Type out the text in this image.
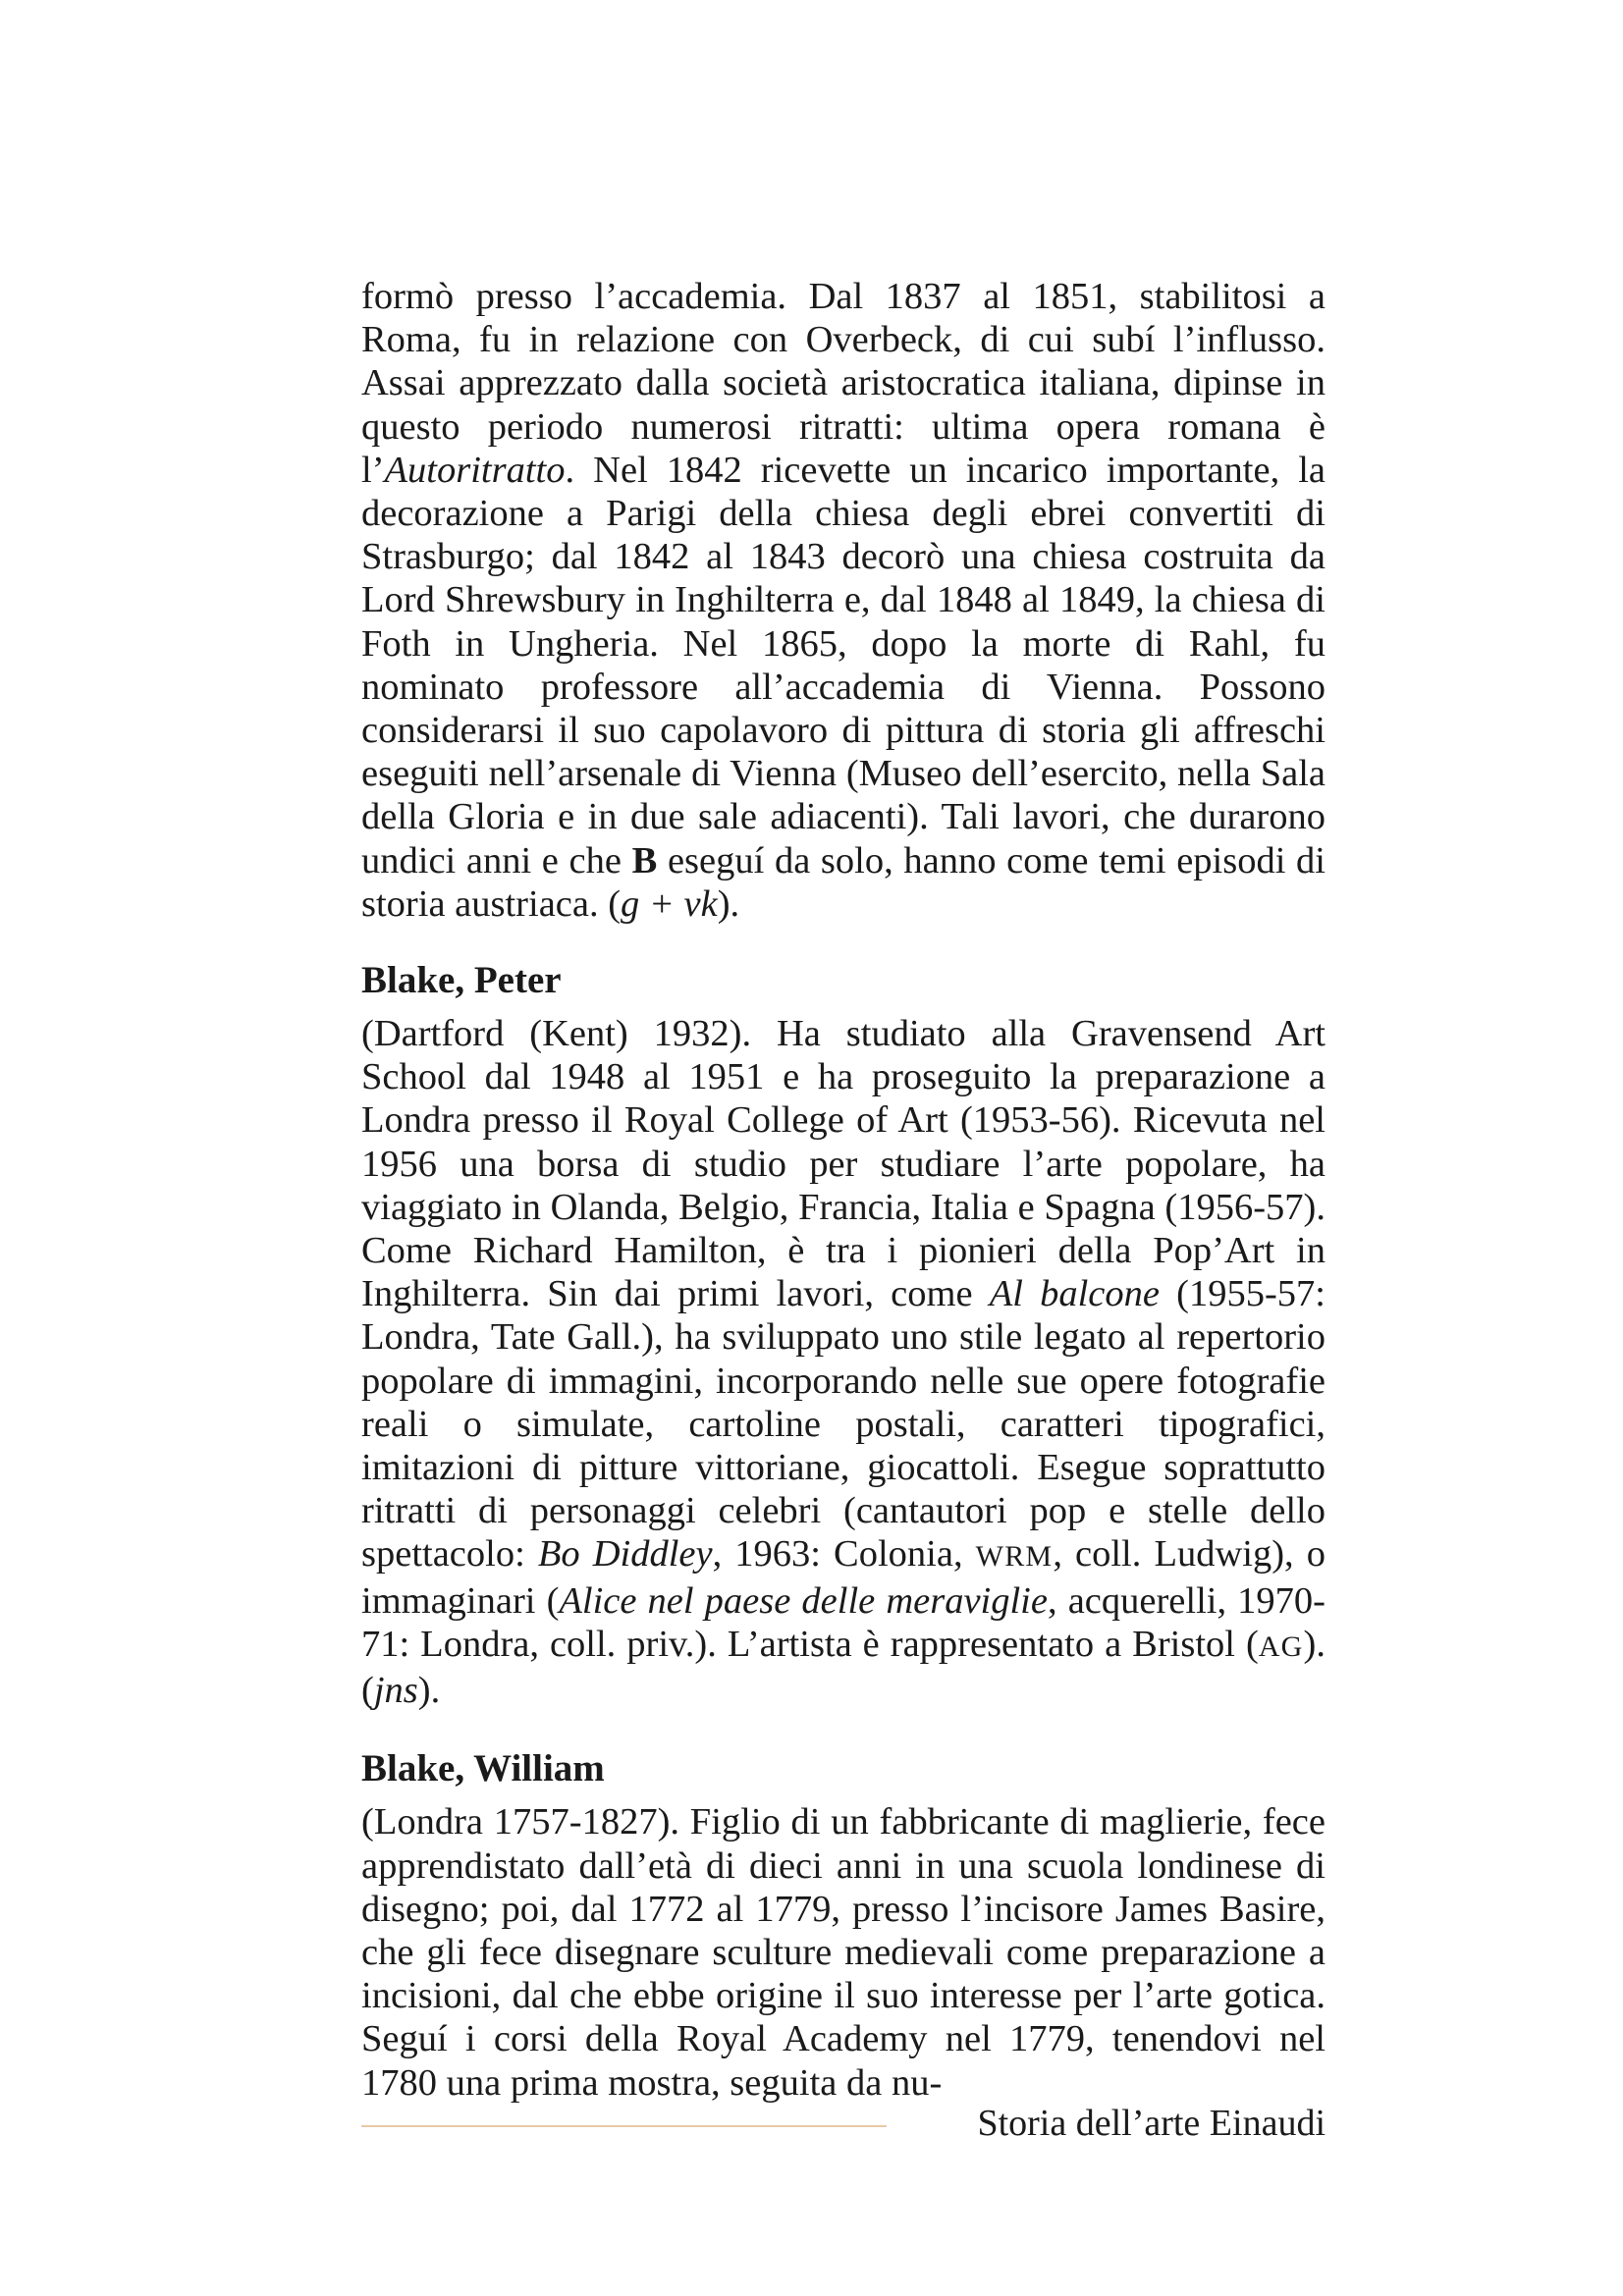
formò presso l’accademia. Dal 1837 al 1851, stabilitosi a Roma, fu in relazione con Overbeck, di cui subí l’influsso. Assai apprezzato dalla società aristocratica italiana, dipinse in questo periodo numerosi ritratti: ultima opera romana è l’Autoritratto. Nel 1842 ricevette un incarico importante, la decorazione a Parigi della chiesa degli ebrei convertiti di Strasburgo; dal 1842 al 1843 decorò una chiesa costruita da Lord Shrewsbury in Inghilterra e, dal 1848 al 1849, la chiesa di Foth in Ungheria. Nel 1865, dopo la morte di Rahl, fu nominato professore all’accademia di Vienna. Possono considerarsi il suo capolavoro di pittura di storia gli affreschi eseguiti nell’arsenale di Vienna (Museo dell’esercito, nella Sala della Gloria e in due sale adiacenti). Tali lavori, che durarono undici anni e che B eseguí da solo, hanno come temi episodi di storia austriaca. (g + vk).

Blake, Peter

(Dartford (Kent) 1932). Ha studiato alla Gravensend Art School dal 1948 al 1951 e ha proseguito la preparazione a Londra presso il Royal College of Art (1953-56). Ricevuta nel 1956 una borsa di studio per studiare l’arte popolare, ha viaggiato in Olanda, Belgio, Francia, Italia e Spagna (1956-57). Come Richard Hamilton, è tra i pionieri della Pop’Art in Inghilterra. Sin dai primi lavori, come Al balcone (1955-57: Londra, Tate Gall.), ha sviluppato uno stile legato al repertorio popolare di immagini, incorporando nelle sue opere fotografie reali o simulate, cartoline postali, caratteri tipografici, imitazioni di pitture vittoriane, giocattoli. Esegue soprattutto ritratti di personaggi celebri (cantautori pop e stelle dello spettacolo: Bo Diddley, 1963: Colonia, WRM, coll. Ludwig), o immaginari (Alice nel paese delle meraviglie, acquerelli, 1970-71: Londra, coll. priv.). L’artista è rappresentato a Bristol (AG). (jns).

Blake, William

(Londra 1757-1827). Figlio di un fabbricante di maglierie, fece apprendistato dall’età di dieci anni in una scuola londinese di disegno; poi, dal 1772 al 1779, presso l’incisore James Basire, che gli fece disegnare sculture medievali come preparazione a incisioni, dal che ebbe origine il suo interesse per l’arte gotica. Seguí i corsi della Royal Academy nel 1779, tenendovi nel 1780 una prima mostra, seguita da nu-

Storia dell’arte Einaudi
